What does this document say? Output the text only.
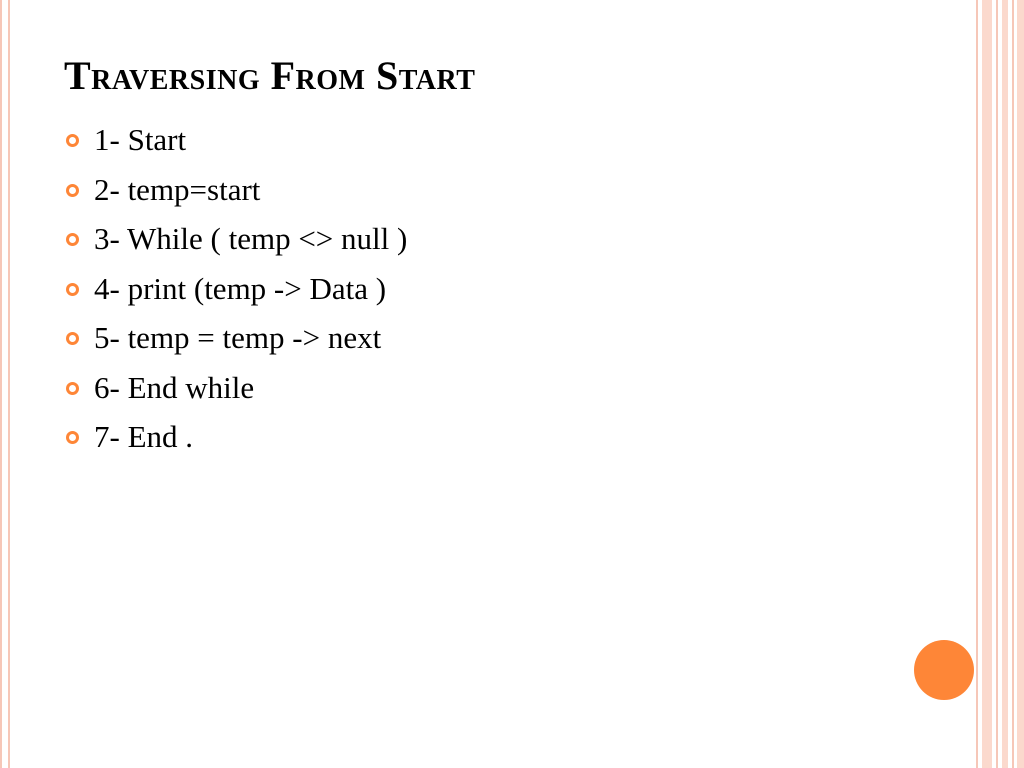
Traversing From Start
1- Start
2- temp=start
3- While ( temp <> null )
4- print (temp -> Data )
5- temp = temp -> next
6- End while
7- End .
